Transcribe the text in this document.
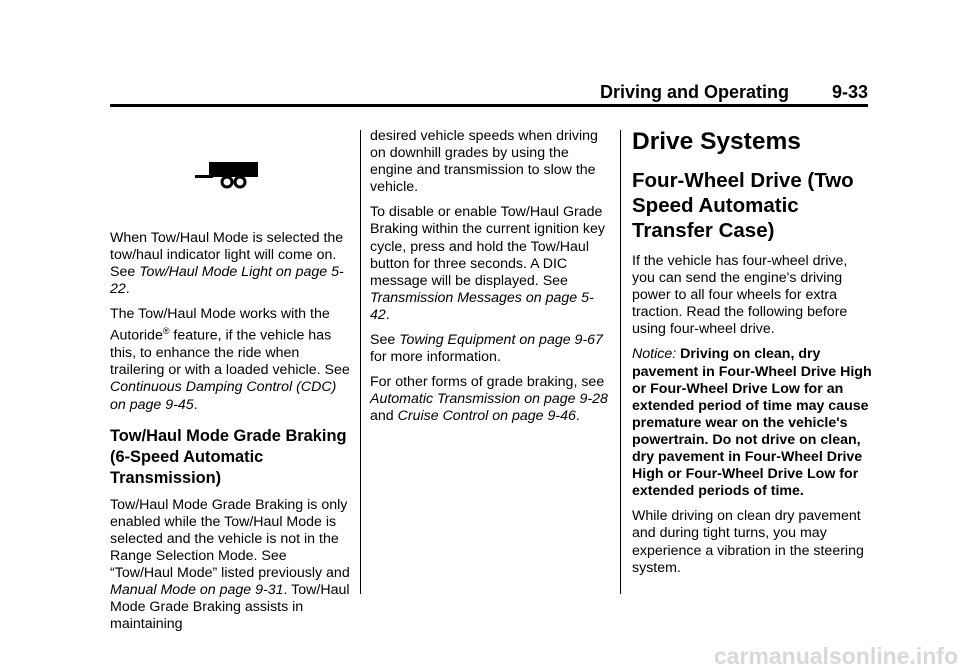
Driving and Operating 9-33

When Tow/Haul Mode is selected the tow/haul indicator light will come on. See Tow/Haul Mode Light on page 5-22.

The Tow/Haul Mode works with the Autoride® feature, if the vehicle has this, to enhance the ride when trailering or with a loaded vehicle. See Continuous Damping Control (CDC) on page 9-45.

Tow/Haul Mode Grade Braking (6-Speed Automatic Transmission)

Tow/Haul Mode Grade Braking is only enabled while the Tow/Haul Mode is selected and the vehicle is not in the Range Selection Mode. See “Tow/Haul Mode” listed previously and Manual Mode on page 9-31. Tow/Haul Mode Grade Braking assists in maintaining

desired vehicle speeds when driving on downhill grades by using the engine and transmission to slow the vehicle.

To disable or enable Tow/Haul Grade Braking within the current ignition key cycle, press and hold the Tow/Haul button for three seconds. A DIC message will be displayed. See Transmission Messages on page 5-42.

See Towing Equipment on page 9-67 for more information.

For other forms of grade braking, see Automatic Transmission on page 9-28 and Cruise Control on page 9-46.

Drive Systems
Four-Wheel Drive (Two Speed Automatic Transfer Case)

If the vehicle has four-wheel drive, you can send the engine's driving power to all four wheels for extra traction. Read the following before using four-wheel drive.

Notice: Driving on clean, dry pavement in Four-Wheel Drive High or Four-Wheel Drive Low for an extended period of time may cause premature wear on the vehicle's powertrain. Do not drive on clean, dry pavement in Four-Wheel Drive High or Four-Wheel Drive Low for extended periods of time.

While driving on clean dry pavement and during tight turns, you may experience a vibration in the steering system.

carmanualsonline.info
